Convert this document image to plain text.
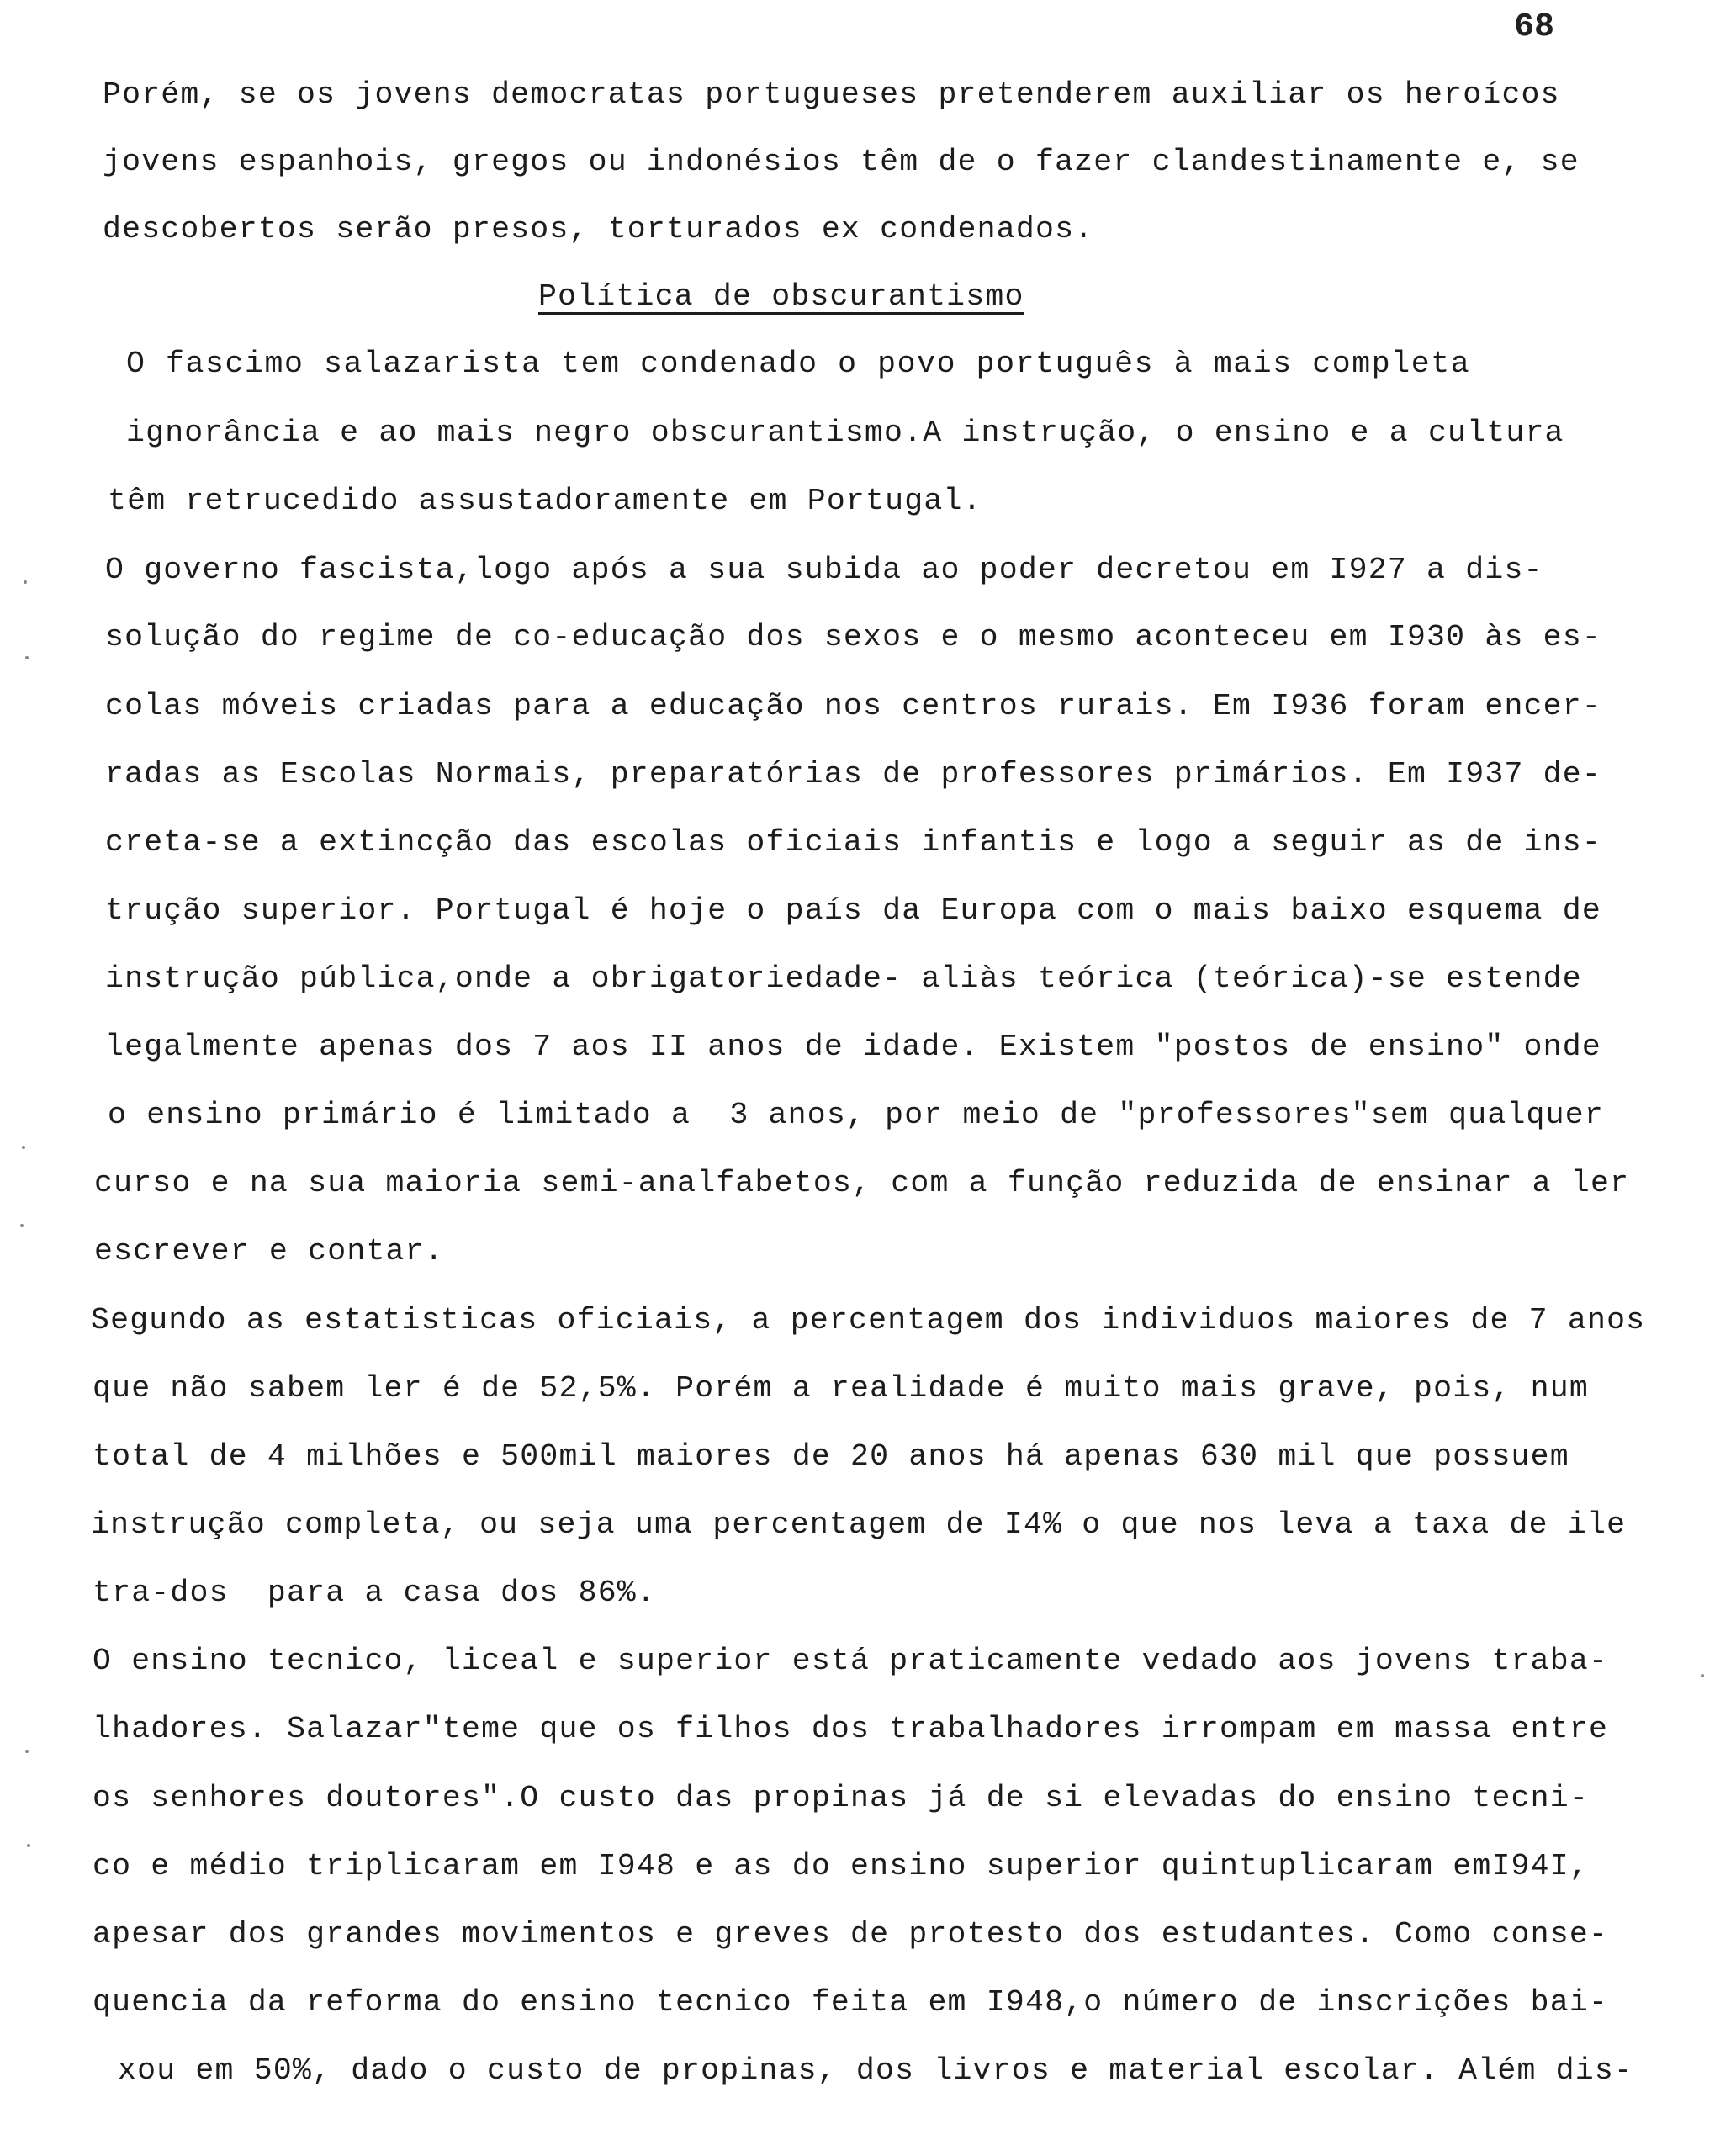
68
Porém, se os jovens democratas portugueses pretenderem auxiliar os heroícos
jovens espanhois, gregos ou indonésios têm de o fazer clandestinamente e, se
descobertos serão presos, torturados ex condenados.
Política de obscurantismo
O fascimo salazarista tem condenado o povo português à mais completa
ignorância e ao mais negro obscurantismo.A instrução, o ensino e a cultura
têm retrucedido assustadoramente em Portugal.
O governo fascista,logo após a sua subida ao poder decretou em I927 a dis-
solução do regime de co-educação dos sexos e o mesmo aconteceu em I930 às es-
colas móveis criadas para a educação nos centros rurais. Em I936 foram encer-
radas as Escolas Normais, preparatórias de professores primários. Em I937 de-
creta-se a extincção das escolas oficiais infantis e logo a seguir as de ins-
trução superior. Portugal é hoje o país da Europa com o mais baixo esquema de
instrução pública,onde a obrigatoriedade- aliàs teórica (teórica)-se estende
legalmente apenas dos 7 aos II anos de idade. Existem "postos de ensino" onde
o ensino primário é limitado a  3 anos, por meio de "professores"sem qualquer
curso e na sua maioria semi-analfabetos, com a função reduzida de ensinar a ler
escrever e contar.
Segundo as estatisticas oficiais, a percentagem dos individuos maiores de 7 anos
que não sabem ler é de 52,5%. Porém a realidade é muito mais grave, pois, num
total de 4 milhões e 500mil maiores de 20 anos há apenas 630 mil que possuem
instrução completa, ou seja uma percentagem de I4% o que nos leva a taxa de ile
tra-dos  para a casa dos 86%.
O ensino tecnico, liceal e superior está praticamente vedado aos jovens traba-
lhadores. Salazar"teme que os filhos dos trabalhadores irrompam em massa entre
os senhores doutores".O custo das propinas já de si elevadas do ensino tecni-
co e médio triplicaram em I948 e as do ensino superior quintuplicaram emI94I,
apesar dos grandes movimentos e greves de protesto dos estudantes. Como conse-
quencia da reforma do ensino tecnico feita em I948,o número de inscrições bai-
xou em 50%, dado o custo de propinas, dos livros e material escolar. Além dis-
